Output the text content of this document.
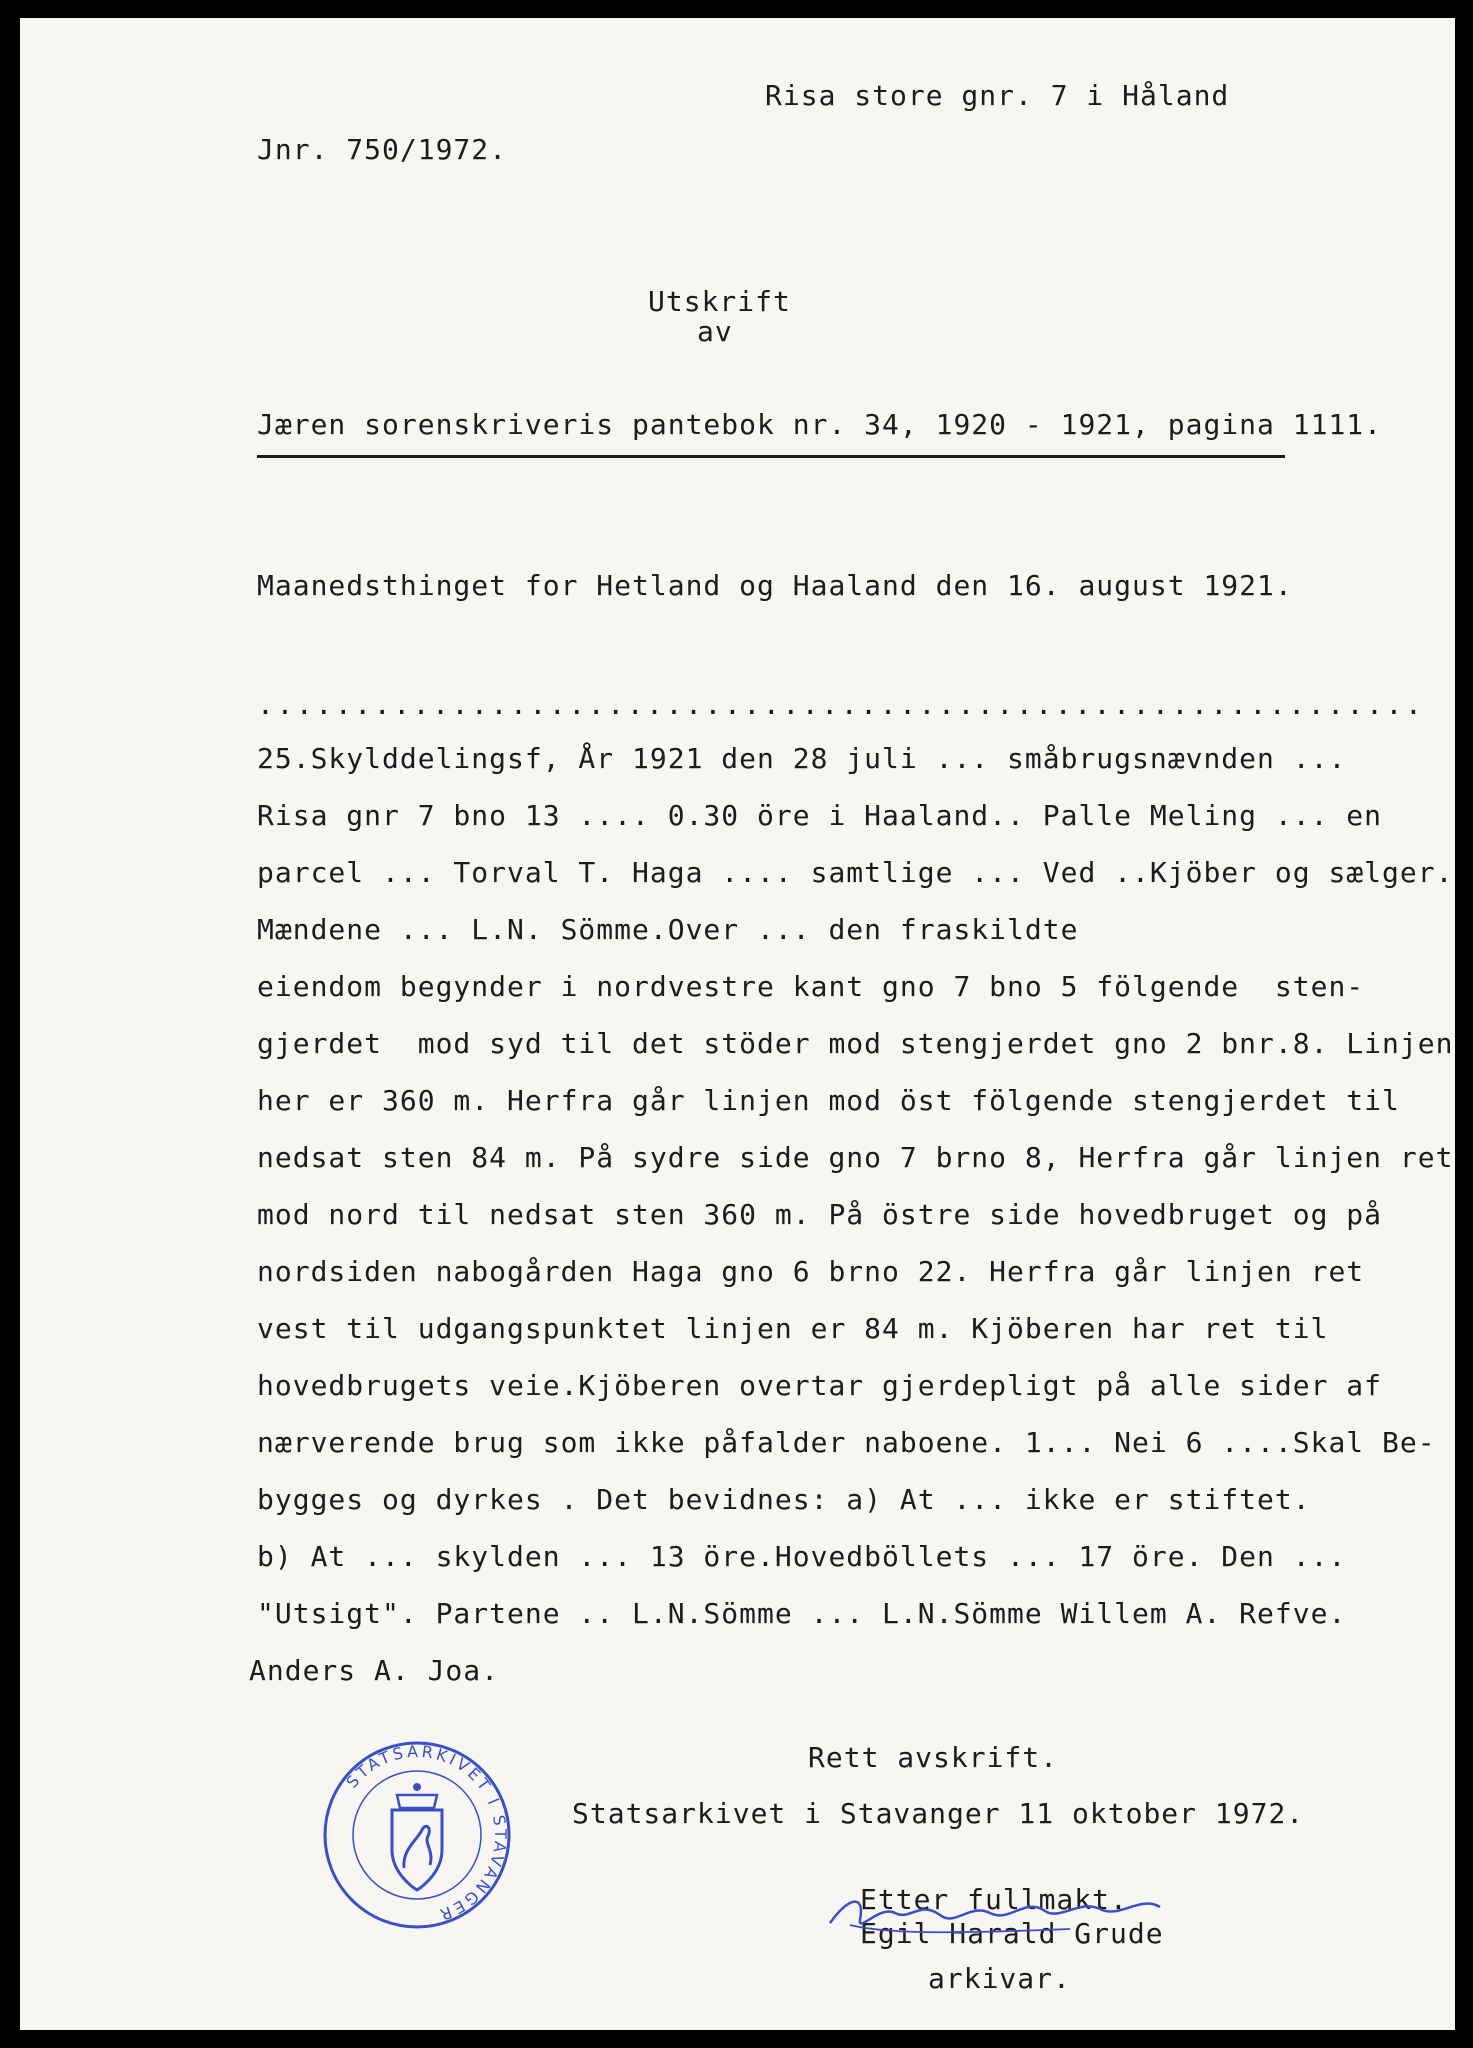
Risa store gnr. 7 i Håland
Jnr. 750/1972.
Utskrift
av
Jæren sorenskriveris pantebok nr. 34, 1920 - 1921, pagina 1111.
Maanedsthinget for Hetland og Haaland den 16. august 1921.
............................................................
25.Skylddelingsf, År 1921 den 28 juli ... småbrugsnævnden ...
Risa gnr 7 bno 13 .... 0.30 öre i Haaland.. Palle Meling ... en
parcel ... Torval T. Haga .... samtlige ... Ved ..Kjöber og sælger.
Mændene ... L.N. Sömme.Over ... den fraskildte
eiendom begynder i nordvestre kant gno 7 bno 5 fölgende  sten-
gjerdet  mod syd til det stöder mod stengjerdet gno 2 bnr.8. Linjen
her er 360 m. Herfra går linjen mod öst fölgende stengjerdet til
nedsat sten 84 m. På sydre side gno 7 brno 8, Herfra går linjen ret
mod nord til nedsat sten 360 m. På östre side hovedbruget og på
nordsiden nabogården Haga gno 6 brno 22. Herfra går linjen ret
vest til udgangspunktet linjen er 84 m. Kjöberen har ret til
hovedbrugets veie.Kjöberen overtar gjerdepligt på alle sider af
nærverende brug som ikke påfalder naboene. 1... Nei 6 ....Skal Be-
bygges og dyrkes . Det bevidnes: a) At ... ikke er stiftet.
b) At ... skylden ... 13 öre.Hovedböllets ... 17 öre. Den ...
"Utsigt". Partene .. L.N.Sömme ... L.N.Sömme Willem A. Refve.
Anders A. Joa.
Rett avskrift.
Statsarkivet i Stavanger 11 oktober 1972.
Etter fullmakt.
Egil Harald Grude
arkivar.
STATSARKIVET I STAVANGER
